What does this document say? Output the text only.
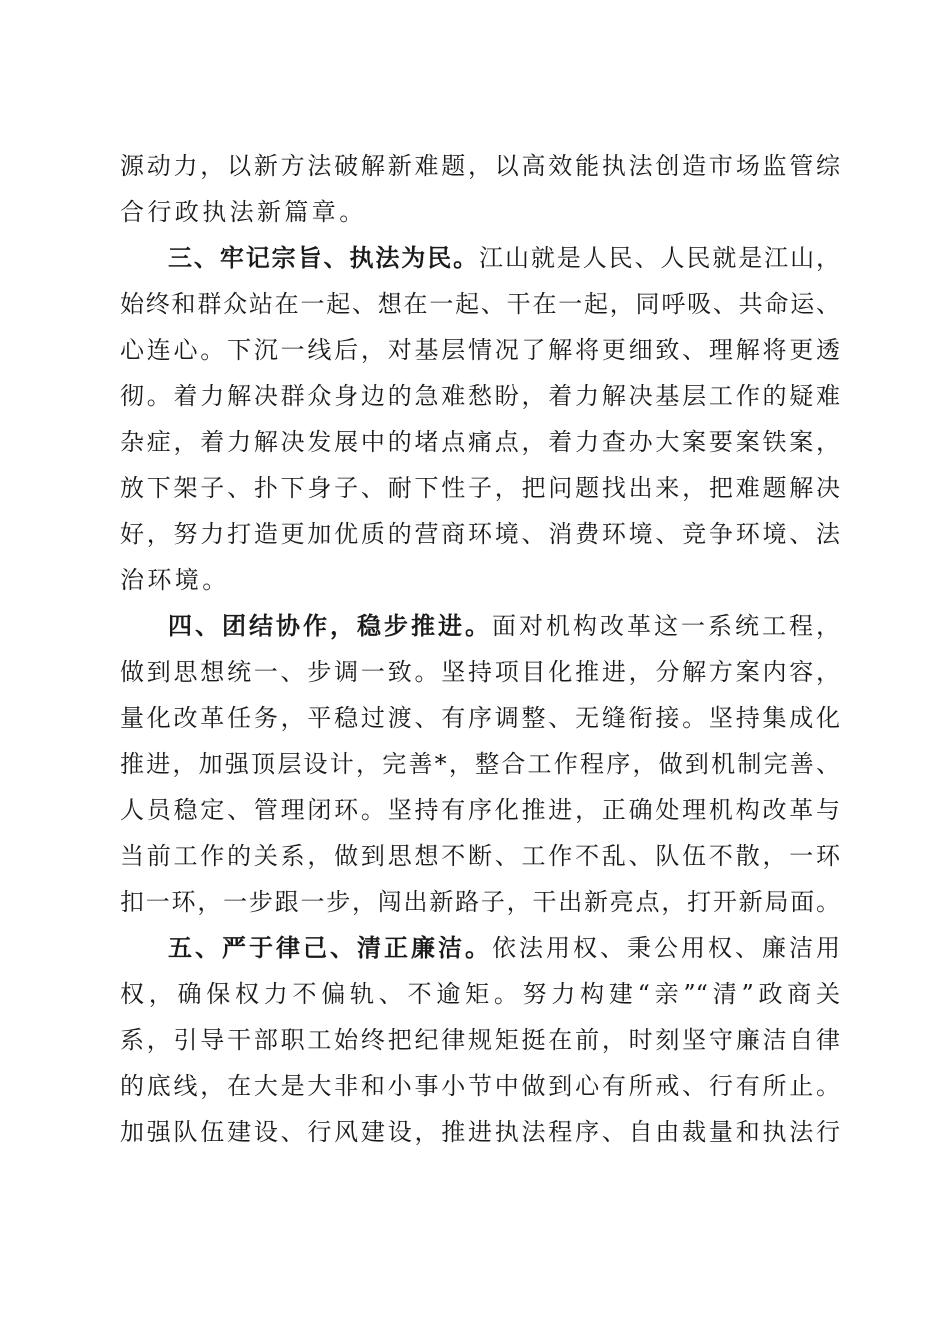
源动力，以新方法破解新难题，以高效能执法创造市场监管综
合行政执法新篇章。
三、牢记宗旨、执法为民。江山就是人民、人民就是江山，
始终和群众站在一起、想在一起、干在一起，同呼吸、共命运、
心连心。下沉一线后，对基层情况了解将更细致、理解将更透
彻。着力解决群众身边的急难愁盼，着力解决基层工作的疑难
杂症，着力解决发展中的堵点痛点，着力查办大案要案铁案，
放下架子、扑下身子、耐下性子，把问题找出来，把难题解决
好，努力打造更加优质的营商环境、消费环境、竞争环境、法
治环境。
四、团结协作，稳步推进。面对机构改革这一系统工程，
做到思想统一、步调一致。坚持项目化推进，分解方案内容，
量化改革任务，平稳过渡、有序调整、无缝衔接。坚持集成化
推进，加强顶层设计，完善*，整合工作程序，做到机制完善、
人员稳定、管理闭环。坚持有序化推进，正确处理机构改革与
当前工作的关系，做到思想不断、工作不乱、队伍不散，一环
扣一环，一步跟一步，闯出新路子，干出新亮点，打开新局面。
五、严于律己、清正廉洁。依法用权、秉公用权、廉洁用
权，确保权力不偏轨、不逾矩。努力构建“亲”“清”政商关
系，引导干部职工始终把纪律规矩挺在前，时刻坚守廉洁自律
的底线，在大是大非和小事小节中做到心有所戒、行有所止。
加强队伍建设、行风建设，推进执法程序、自由裁量和执法行
